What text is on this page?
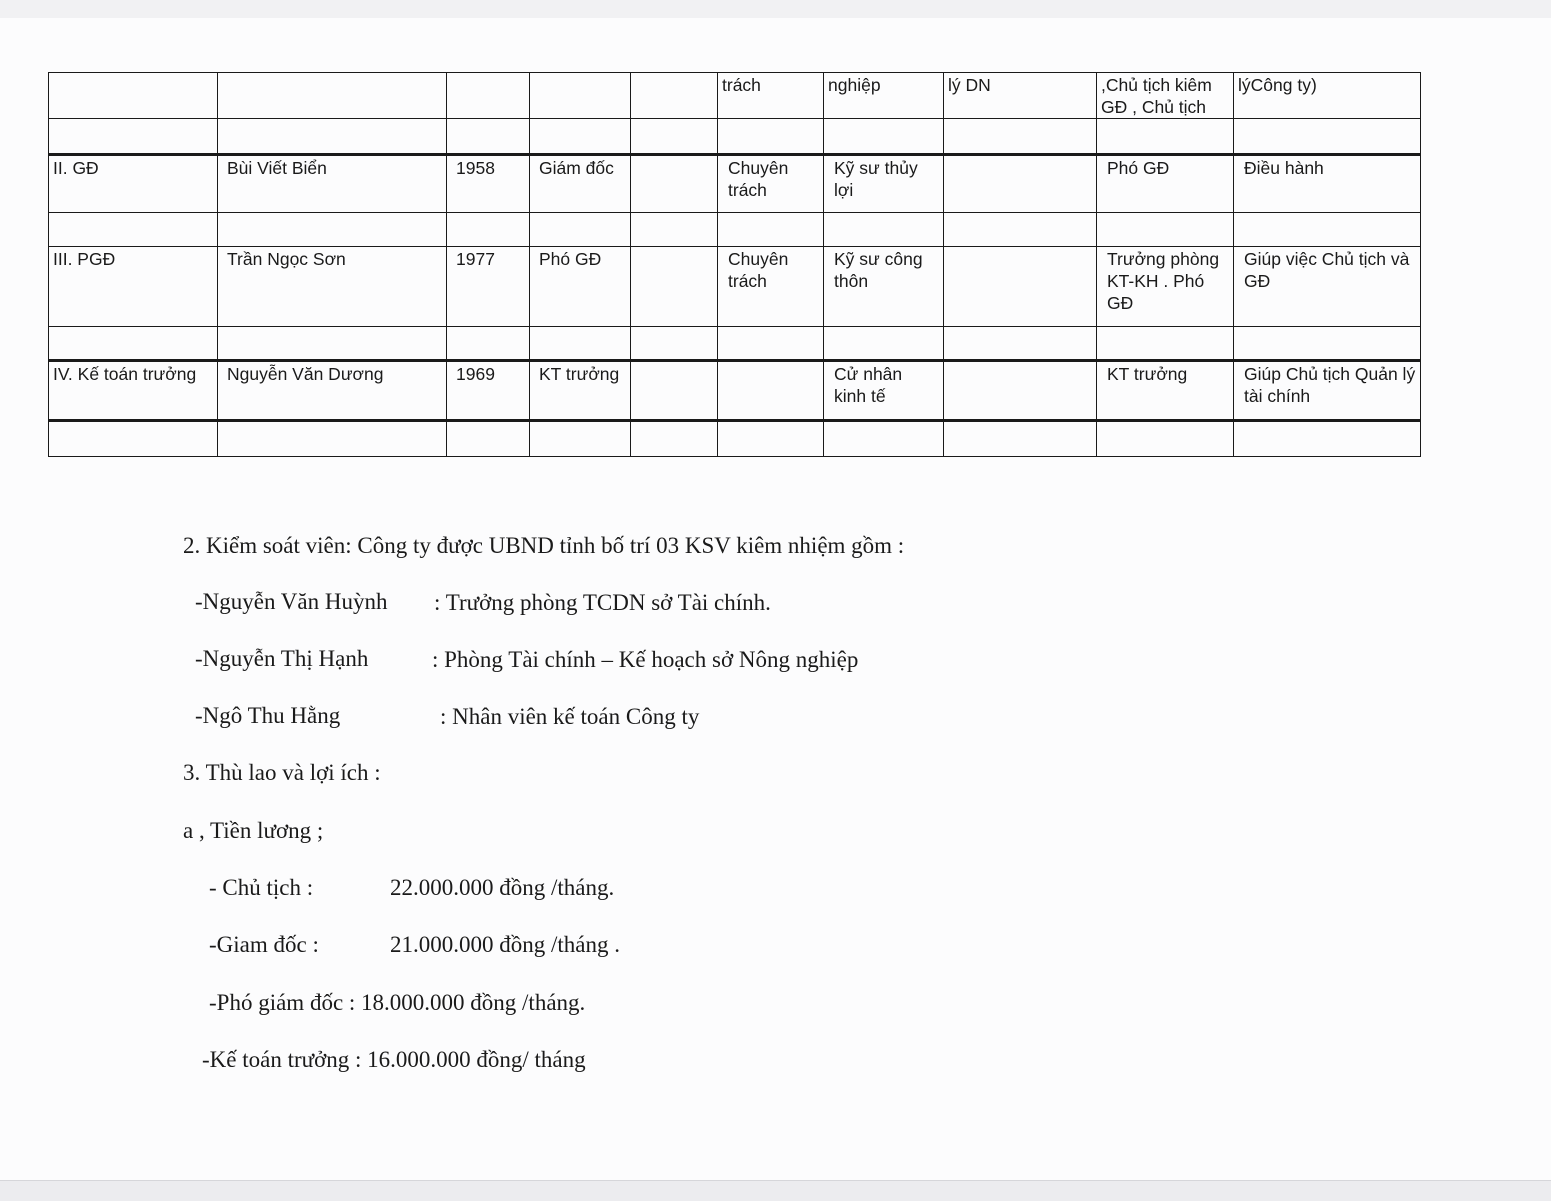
					trách	nghiệp	lý DN	,Chủ tịch kiêm GĐ , Chủ tịch	lýCông ty)

II. GĐ	Bùi Viết Biển	1958	Giám đốc		Chuyên trách	Kỹ sư thủy lợi		Phó GĐ	Điều hành

III. PGĐ	Trần Ngọc Sơn	1977	Phó GĐ		Chuyên trách	Kỹ sư công thôn		Trưởng phòng KT-KH . Phó GĐ	Giúp việc Chủ tịch và GĐ

IV. Kế toán trưởng	Nguyễn Văn Dương	1969	KT trưởng			Cử nhân kinh tế		KT trưởng	Giúp Chủ tịch Quản lý tài chính

2. Kiểm soát viên: Công ty được UBND tỉnh bố trí 03 KSV kiêm nhiệm gồm :
-Nguyễn Văn Huỳnh : Trưởng phòng TCDN sở Tài chính.
-Nguyễn Thị Hạnh	: Phòng Tài chính – Kế hoạch sở Nông nghiệp
-Ngô Thu Hằng	: Nhân viên kế toán Công ty
3. Thù lao và lợi ích :
a , Tiền lương ;
- Chủ tịch :	22.000.000 đồng /tháng.
-Giam đốc :	21.000.000 đồng /tháng .
-Phó giám đốc : 18.000.000 đồng /tháng.
-Kế toán trưởng : 16.000.000 đồng/ tháng
